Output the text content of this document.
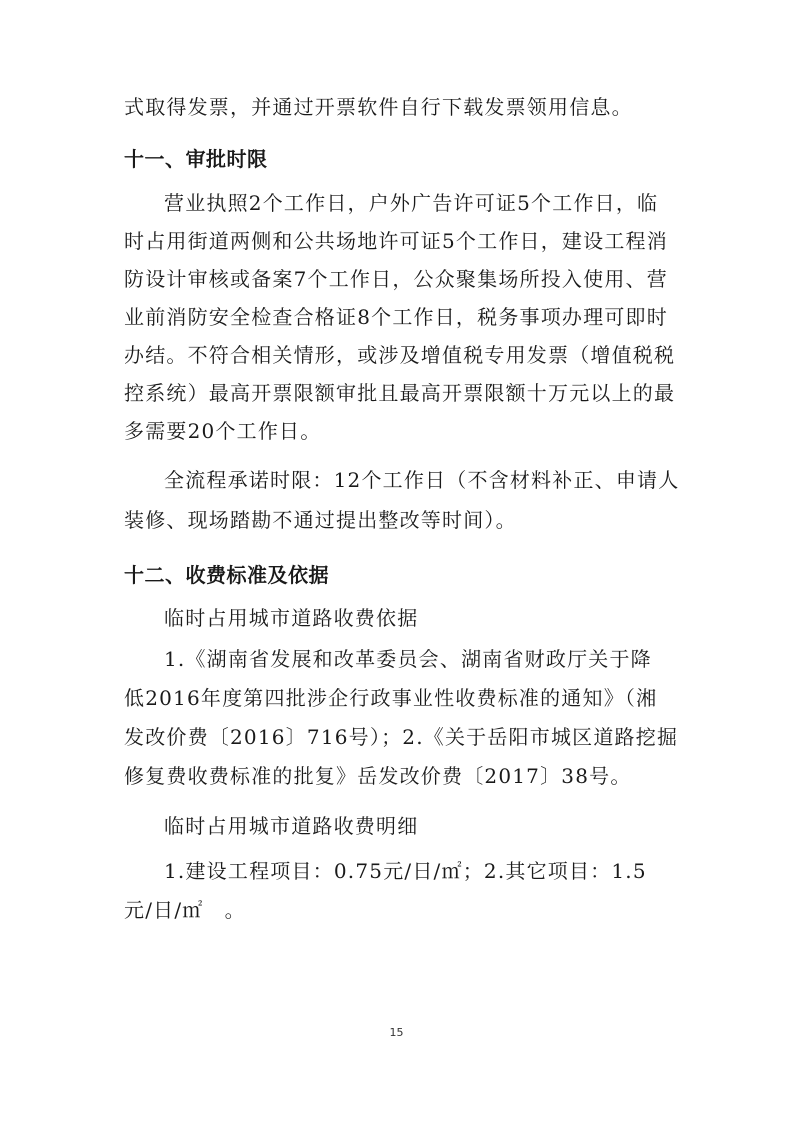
式取得发票，并通过开票软件自行下载发票领用信息。
十一、审批时限
营业执照2个工作日，户外广告许可证5个工作日，临
时占用街道两侧和公共场地许可证5个工作日，建设工程消
防设计审核或备案7个工作日，公众聚集场所投入使用、营
业前消防安全检查合格证8个工作日，税务事项办理可即时
办结。不符合相关情形，或涉及增值税专用发票（增值税税
控系统）最高开票限额审批且最高开票限额十万元以上的最
多需要20个工作日。
全流程承诺时限：12个工作日（不含材料补正、申请人
装修、现场踏勘不通过提出整改等时间）。
十二、收费标准及依据
临时占用城市道路收费依据
1.《湖南省发展和改革委员会、湖南省财政厅关于降
低2016年度第四批涉企行政事业性收费标准的通知》（湘
发改价费〔2016〕716号）；2.《关于岳阳市城区道路挖掘
修复费收费标准的批复》岳发改价费〔2017〕38号。
临时占用城市道路收费明细
1.建设工程项目：0.75元/日/㎡；2.其它项目：1.5
元/日/㎡　。
15
